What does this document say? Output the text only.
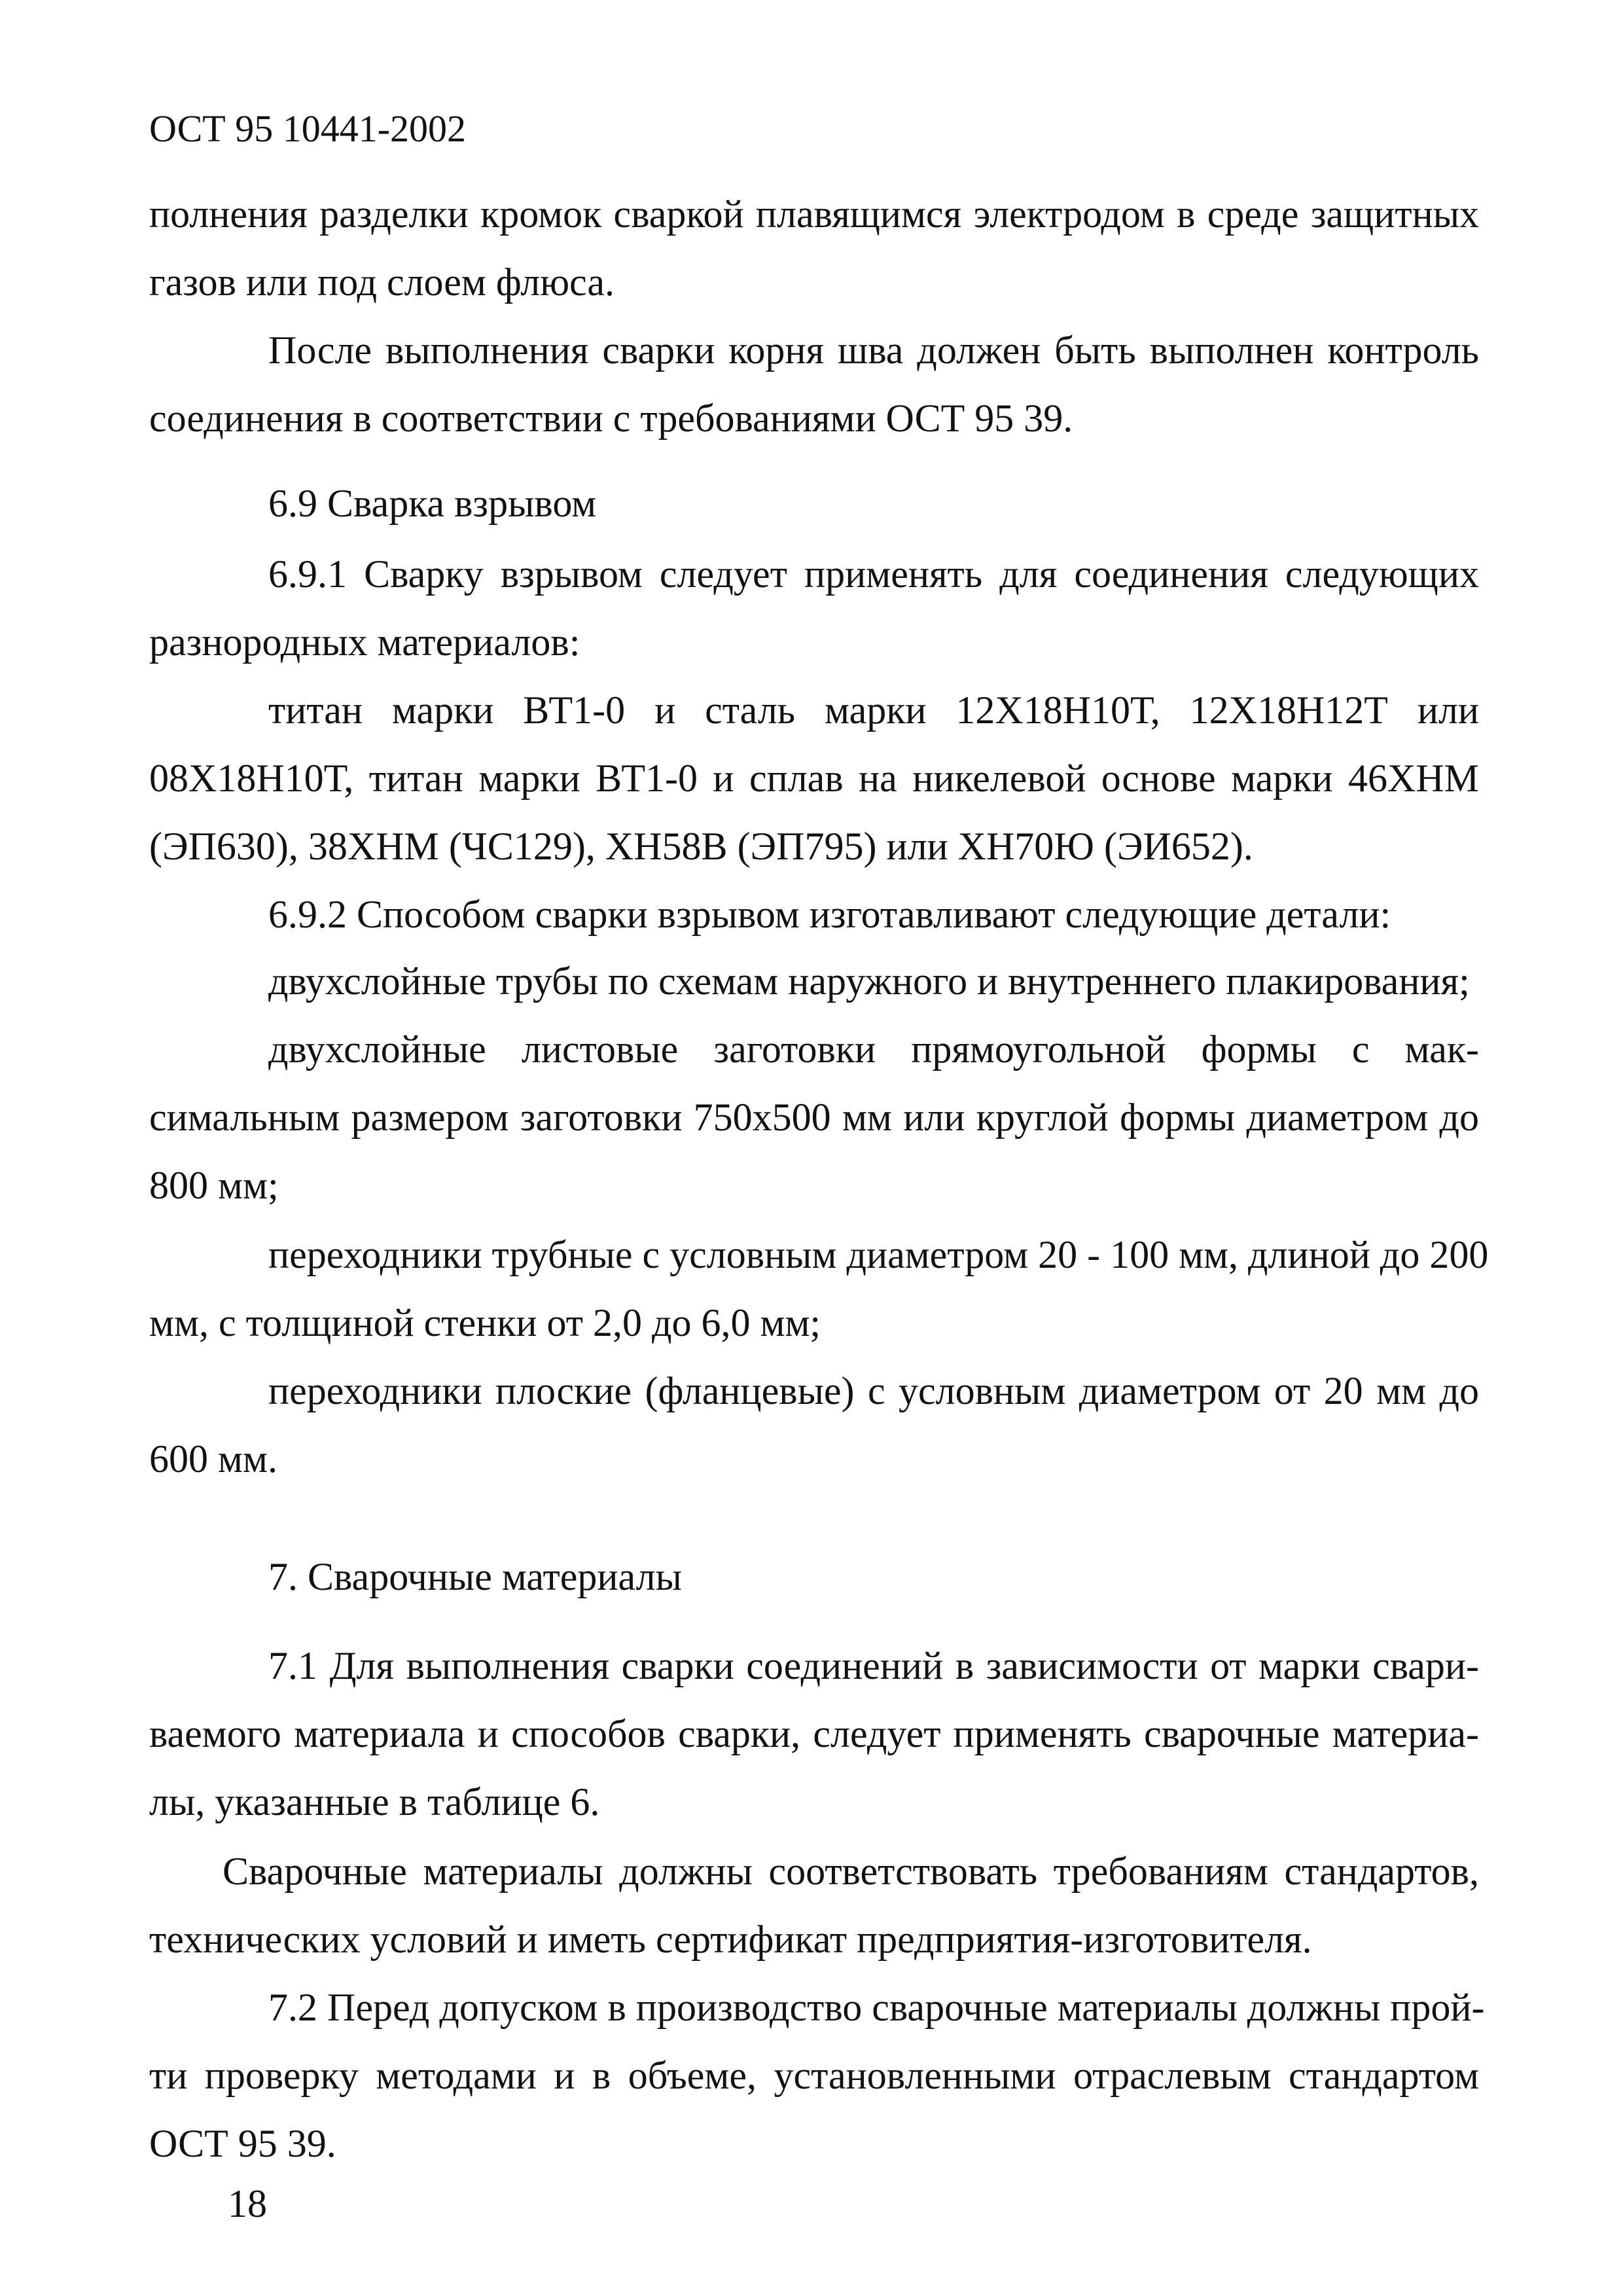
ОСТ 95 10441-2002
полнения разделки кромок сваркой плавящимся электродом в среде защитных
газов или под слоем флюса.
После выполнения сварки корня шва должен быть выполнен контроль
соединения в соответствии с требованиями ОСТ 95 39.
6.9 Сварка взрывом
6.9.1 Сварку взрывом следует применять для соединения следующих
разнородных материалов:
титан марки ВТ1-0 и сталь марки 12Х18Н10Т, 12Х18Н12Т или
08Х18Н10Т, титан марки ВТ1-0 и сплав на никелевой основе марки 46ХНМ
(ЭП630), 38ХНМ (ЧС129), ХН58В (ЭП795) или ХН70Ю (ЭИ652).
6.9.2 Способом сварки взрывом изготавливают следующие детали:
двухслойные трубы по схемам наружного и внутреннего плакирования;
двухслойные листовые заготовки прямоугольной формы с мак-
симальным размером заготовки 750х500 мм или круглой формы диаметром до
800 мм;
переходники трубные с условным диаметром 20 - 100 мм, длиной до 200
мм, с толщиной стенки от 2,0 до 6,0 мм;
переходники плоские (фланцевые) с условным диаметром от 20 мм до
600 мм.
7. Сварочные материалы
7.1 Для выполнения сварки соединений в зависимости от марки свари-
ваемого материала и способов сварки, следует применять сварочные материа-
лы, указанные в таблице 6.
Сварочные материалы должны соответствовать требованиям стандартов,
технических условий и иметь сертификат предприятия-изготовителя.
7.2 Перед допуском в производство сварочные материалы должны прой-
ти проверку методами и в объеме, установленными отраслевым стандартом
ОСТ 95 39.
18
